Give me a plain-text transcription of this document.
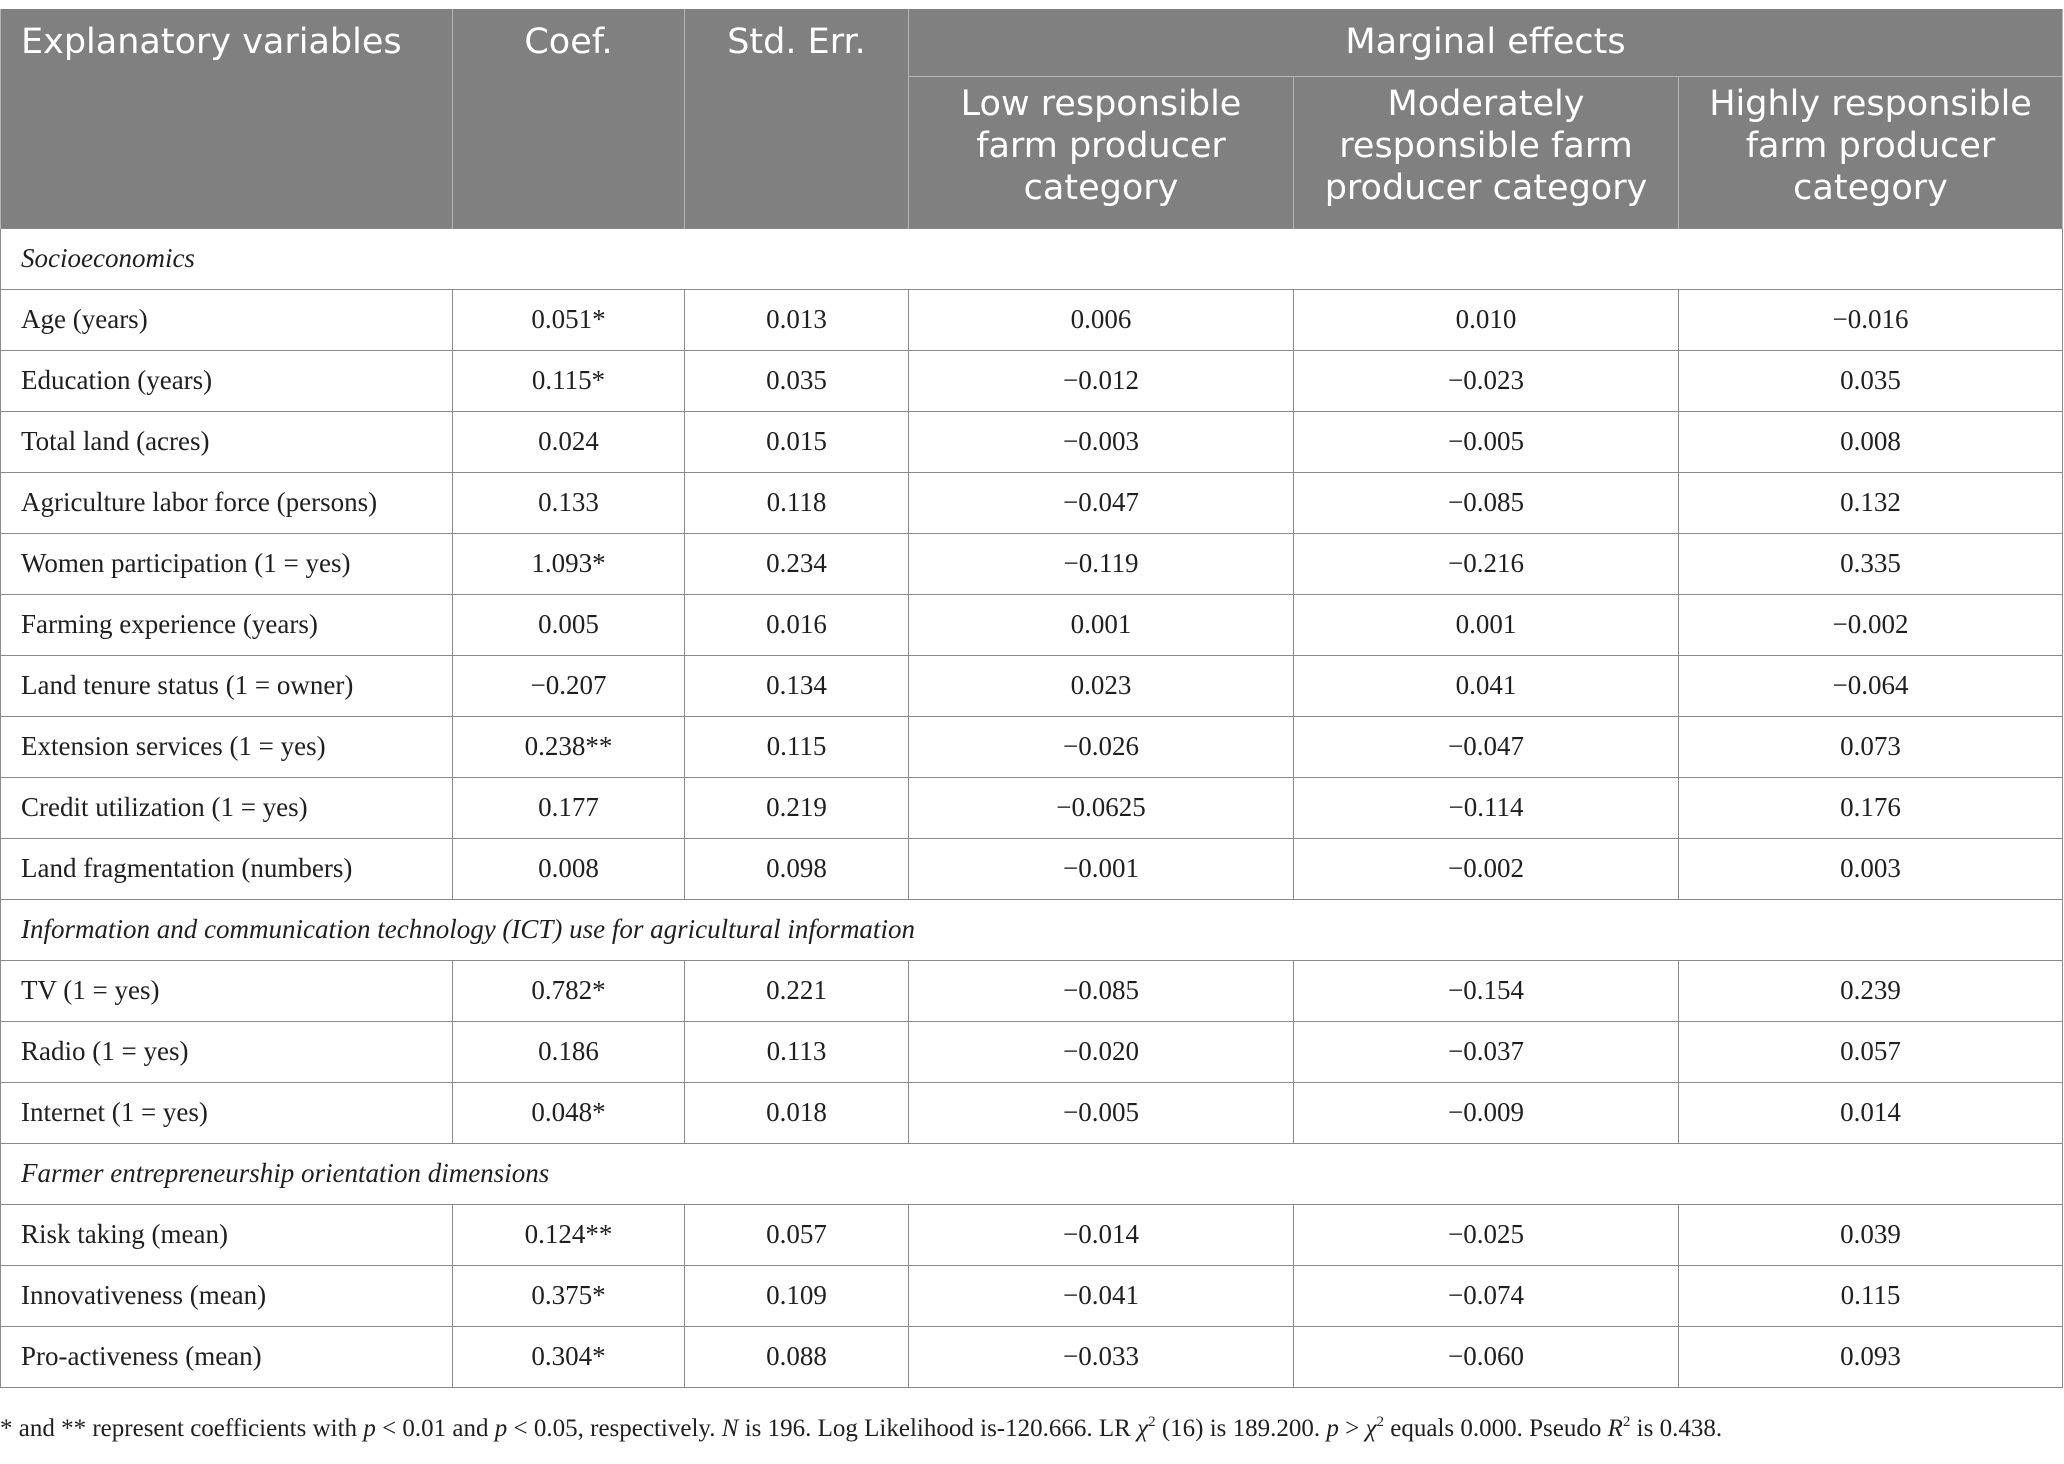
Explanatory variables	Coef.	Std. Err.	Marginal effects		
			Low responsible farm producer category	Moderately responsible farm producer category	Highly responsible farm producer category
Socioeconomics					
Age (years)	0.051*	0.013	0.006	0.010	−0.016
Education (years)	0.115*	0.035	−0.012	−0.023	0.035
Total land (acres)	0.024	0.015	−0.003	−0.005	0.008
Agriculture labor force (persons)	0.133	0.118	−0.047	−0.085	0.132
Women participation (1 = yes)	1.093*	0.234	−0.119	−0.216	0.335
Farming experience (years)	0.005	0.016	0.001	0.001	−0.002
Land tenure status (1 = owner)	−0.207	0.134	0.023	0.041	−0.064
Extension services (1 = yes)	0.238**	0.115	−0.026	−0.047	0.073
Credit utilization (1 = yes)	0.177	0.219	−0.0625	−0.114	0.176
Land fragmentation (numbers)	0.008	0.098	−0.001	−0.002	0.003
Information and communication technology (ICT) use for agricultural information					
TV (1 = yes)	0.782*	0.221	−0.085	−0.154	0.239
Radio (1 = yes)	0.186	0.113	−0.020	−0.037	0.057
Internet (1 = yes)	0.048*	0.018	−0.005	−0.009	0.014
Farmer entrepreneurship orientation dimensions					
Risk taking (mean)	0.124**	0.057	−0.014	−0.025	0.039
Innovativeness (mean)	0.375*	0.109	−0.041	−0.074	0.115
Pro-activeness (mean)	0.304*	0.088	−0.033	−0.060	0.093
* and ** represent coefficients with p < 0.01 and p < 0.05, respectively. N is 196. Log Likelihood is-120.666. LR $\chi^2$ (16) is 189.200. $p > \chi^2$ equals 0.000. Pseudo $R^2$ is 0.438.
